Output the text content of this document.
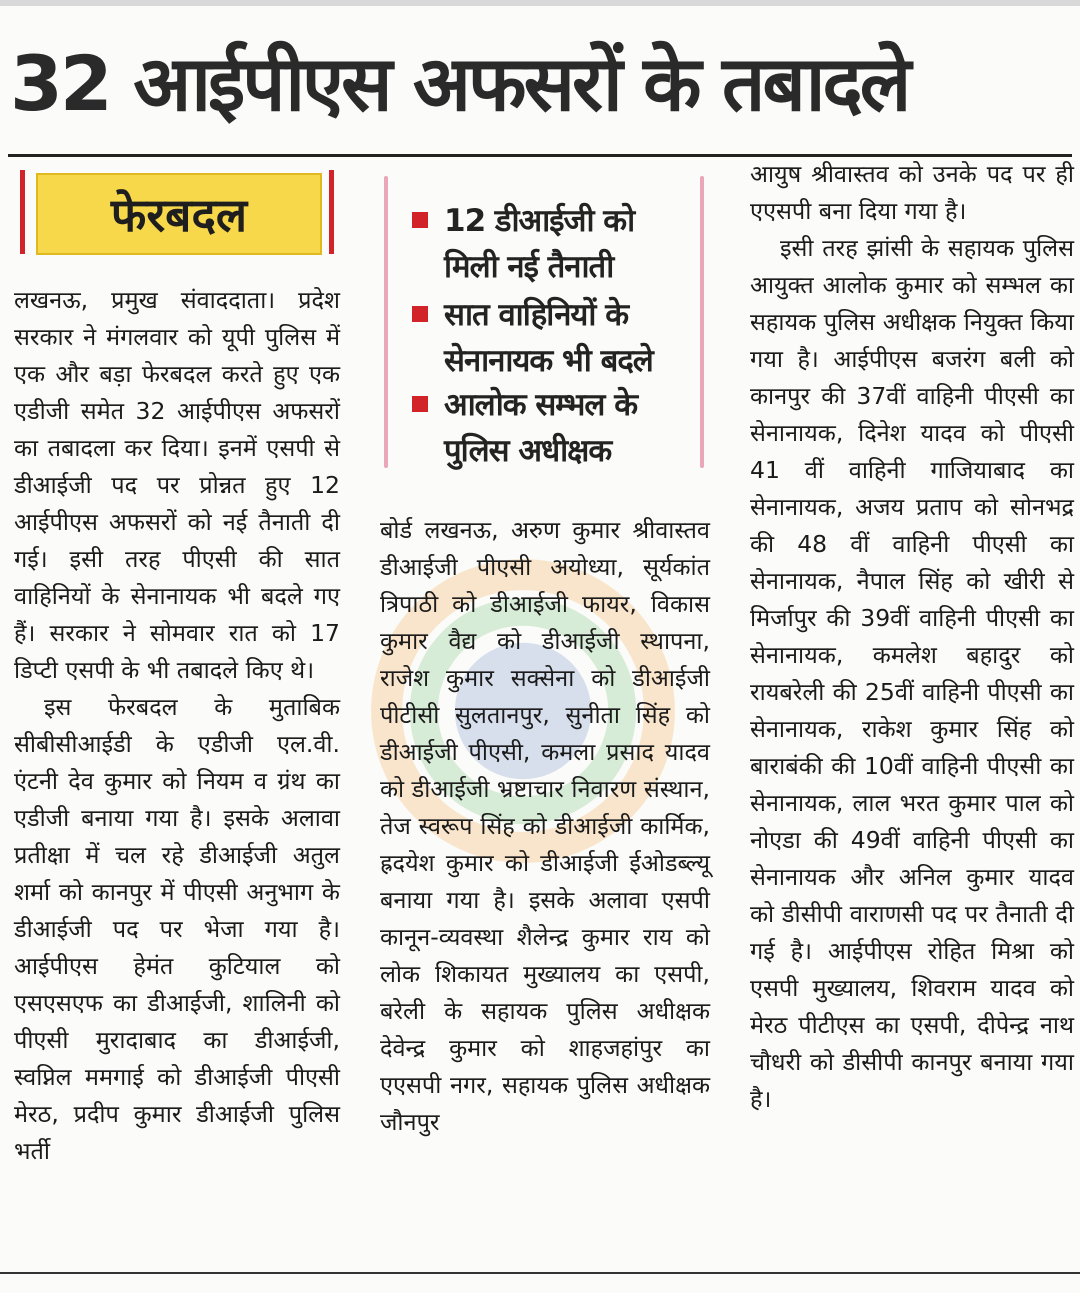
32 आईपीएस अफसरों के तबादले
फेरबदल

लखनऊ, प्रमुख संवाददाता। प्रदेश सरकार ने मंगलवार को यूपी पुलिस में एक और बड़ा फेरबदल करते हुए एक एडीजी समेत 32 आईपीएस अफसरों का तबादला कर दिया। इनमें एसपी से डीआईजी पद पर प्रोन्नत हुए 12 आईपीएस अफसरों को नई तैनाती दी गई। इसी तरह पीएसी की सात वाहिनियों के सेनानायक भी बदले गए हैं। सरकार ने सोमवार रात को 17 डिप्टी एसपी के भी तबादले किए थे।

इस फेरबदल के मुताबिक सीबीसीआईडी के एडीजी एल.वी. एंटनी देव कुमार को नियम व ग्रंथ का एडीजी बनाया गया है। इसके अलावा प्रतीक्षा में चल रहे डीआईजी अतुल शर्मा को कानपुर में पीएसी अनुभाग के डीआईजी पद पर भेजा गया है। आईपीएस हेमंत कुटियाल को एसएसएफ का डीआईजी, शालिनी को पीएसी मुरादाबाद का डीआईजी, स्वप्निल ममगाई को डीआईजी पीएसी मेरठ, प्रदीप कुमार डीआईजी पुलिस भर्ती

12 डीआईजी को मिली नई तैनाती
सात वाहिनियों के सेनानायक भी बदले
आलोक सम्भल के पुलिस अधीक्षक

बोर्ड लखनऊ, अरुण कुमार श्रीवास्तव डीआईजी पीएसी अयोध्या, सूर्यकांत त्रिपाठी को डीआईजी फायर, विकास कुमार वैद्य को डीआईजी स्थापना, राजेश कुमार सक्सेना को डीआईजी पीटीसी सुलतानपुर, सुनीता सिंह को डीआईजी पीएसी, कमला प्रसाद यादव को डीआईजी भ्रष्टाचार निवारण संस्थान, तेज स्वरूप सिंह को डीआईजी कार्मिक, ह्रदयेश कुमार को डीआईजी ईओडब्ल्यू बनाया गया है। इसके अलावा एसपी कानून-व्यवस्था शैलेन्द्र कुमार राय को लोक शिकायत मुख्यालय का एसपी, बरेली के सहायक पुलिस अधीक्षक देवेन्द्र कुमार को शाहजहांपुर का एएसपी नगर, सहायक पुलिस अधीक्षक जौनपुर

आयुष श्रीवास्तव को उनके पद पर ही एएसपी बना दिया गया है।

इसी तरह झांसी के सहायक पुलिस आयुक्त आलोक कुमार को सम्भल का सहायक पुलिस अधीक्षक नियुक्त किया गया है। आईपीएस बजरंग बली को कानपुर की 37वीं वाहिनी पीएसी का सेनानायक, दिनेश यादव को पीएसी 41 वीं वाहिनी गाजियाबाद का सेनानायक, अजय प्रताप को सोनभद्र की 48 वीं वाहिनी पीएसी का सेनानायक, नैपाल सिंह को खीरी से मिर्जापुर की 39वीं वाहिनी पीएसी का सेनानायक, कमलेश बहादुर को रायबरेली की 25वीं वाहिनी पीएसी का सेनानायक, राकेश कुमार सिंह को बाराबंकी की 10वीं वाहिनी पीएसी का सेनानायक, लाल भरत कुमार पाल को नोएडा की 49वीं वाहिनी पीएसी का सेनानायक और अनिल कुमार यादव को डीसीपी वाराणसी पद पर तैनाती दी गई है। आईपीएस रोहित मिश्रा को एसपी मुख्यालय, शिवराम यादव को मेरठ पीटीएस का एसपी, दीपेन्द्र नाथ चौधरी को डीसीपी कानपुर बनाया गया है।
